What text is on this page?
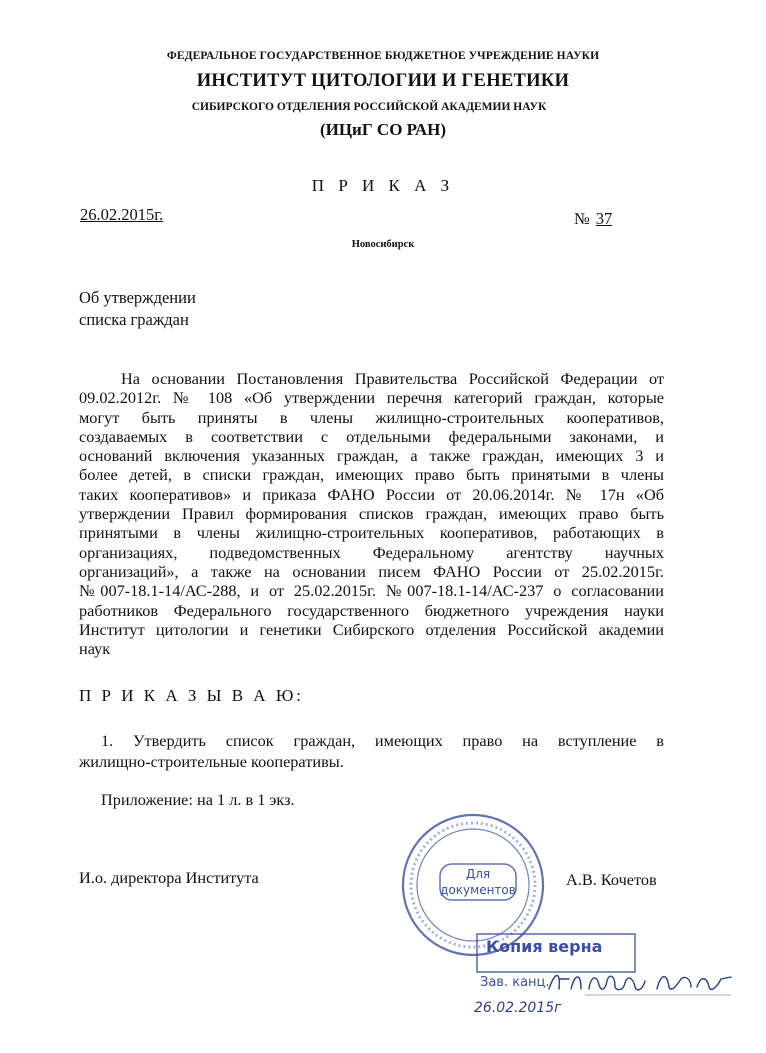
ФЕДЕРАЛЬНОЕ ГОСУДАРСТВЕННОЕ БЮДЖЕТНОЕ УЧРЕЖДЕНИЕ НАУКИ
ИНСТИТУТ ЦИТОЛОГИИ И ГЕНЕТИКИ
СИБИРСКОГО ОТДЕЛЕНИЯ РОССИЙСКОЙ АКАДЕМИИ НАУК
(ИЦиГ СО РАН)
П Р И К А З
26.02.2015г.	№ 37
Новосибирск
Об утверждении
списка граждан
На основании Постановления Правительства Российской Федерации от
09.02.2012г. № 108 «Об утверждении перечня категорий граждан, которые
могут быть приняты в члены жилищно-строительных кооперативов,
создаваемых в соответствии с отдельными федеральными законами, и
оснований включения указанных граждан, а также граждан, имеющих 3 и
более детей, в списки граждан, имеющих право быть принятыми в члены
таких кооперативов» и приказа ФАНО России от 20.06.2014г. № 17н «Об
утверждении Правил формирования списков граждан, имеющих право быть
принятыми в члены жилищно-строительных кооперативов, работающих в
организациях, подведомственных Федеральному агентству научных
организаций», а также на основании писем ФАНО России от 25.02.2015г.
№007-18.1-14/АС-288, и от 25.02.2015г. №007-18.1-14/АС-237 о согласовании
работников Федерального государственного бюджетного учреждения науки
Институт цитологии и генетики Сибирского отделения Российской академии
наук
П Р И К А З Ы В А Ю:
1. Утвердить список граждан, имеющих право на вступление в
жилищно-строительные кооперативы.
Приложение: на 1 л. в 1 экз.
И.о. директора Института	А.В. Кочетов
Для
документов
Копия верна
Зав. канц.
26.02.2015г
